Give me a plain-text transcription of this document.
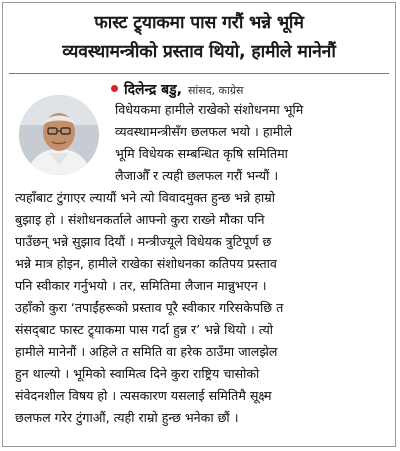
फास्ट ट्र्याकमा पास गरौं भन्ने भूमि
व्यवस्थामन्त्रीको प्रस्ताव थियो, हामीले मानेनौं
दिलेन्द्र बडु, सांसद, काग्रेस
विधेयकमा हामीले राखेको संशोधनमा भूमि
व्यवस्थामन्त्रीसँग छलफल भयो । हामीले
भूमि विधेयक सम्बन्धित कृषि समितिमा
लैजाऔँ र त्यही छलफल गरौं भन्यौं ।
त्यहाँबाट टुंगाएर ल्यायौं भने त्यो विवादमुक्त हुन्छ भन्ने हाम्रो
बुझाइ हो । संशोधनकर्ताले आफ्नो कुरा राख्ने मौका पनि
पाउँछन् भन्ने सुझाव दियौं । मन्त्रीज्यूले विधेयक त्रुटिपूर्ण छ
भन्ने मात्र होइन, हामीले राखेका संशोधनका कतिपय प्रस्ताव
पनि स्वीकार गर्नुभयो । तर, समितिमा लैजान मान्नुभएन ।
उहाँको कुरा ‘तपाईंहरूको प्रस्ताव पूरै स्वीकार गरिसकेपछि त
संसद्‌बाट फास्ट ट्र्याकमा पास गर्दा हुन्न र’ भन्ने थियो । त्यो
हामीले मानेनौं । अहिले त समिति वा हरेक ठाउँमा जालझेल
हुन थाल्यो । भूमिको स्वामित्व दिने कुरा राष्ट्रिय चासोको
संवेदनशील विषय हो । त्यसकारण यसलाई समितिमै सूक्ष्म
छलफल गरेर टुंगाऔं, त्यही राम्रो हुन्छ भनेका छौं ।
